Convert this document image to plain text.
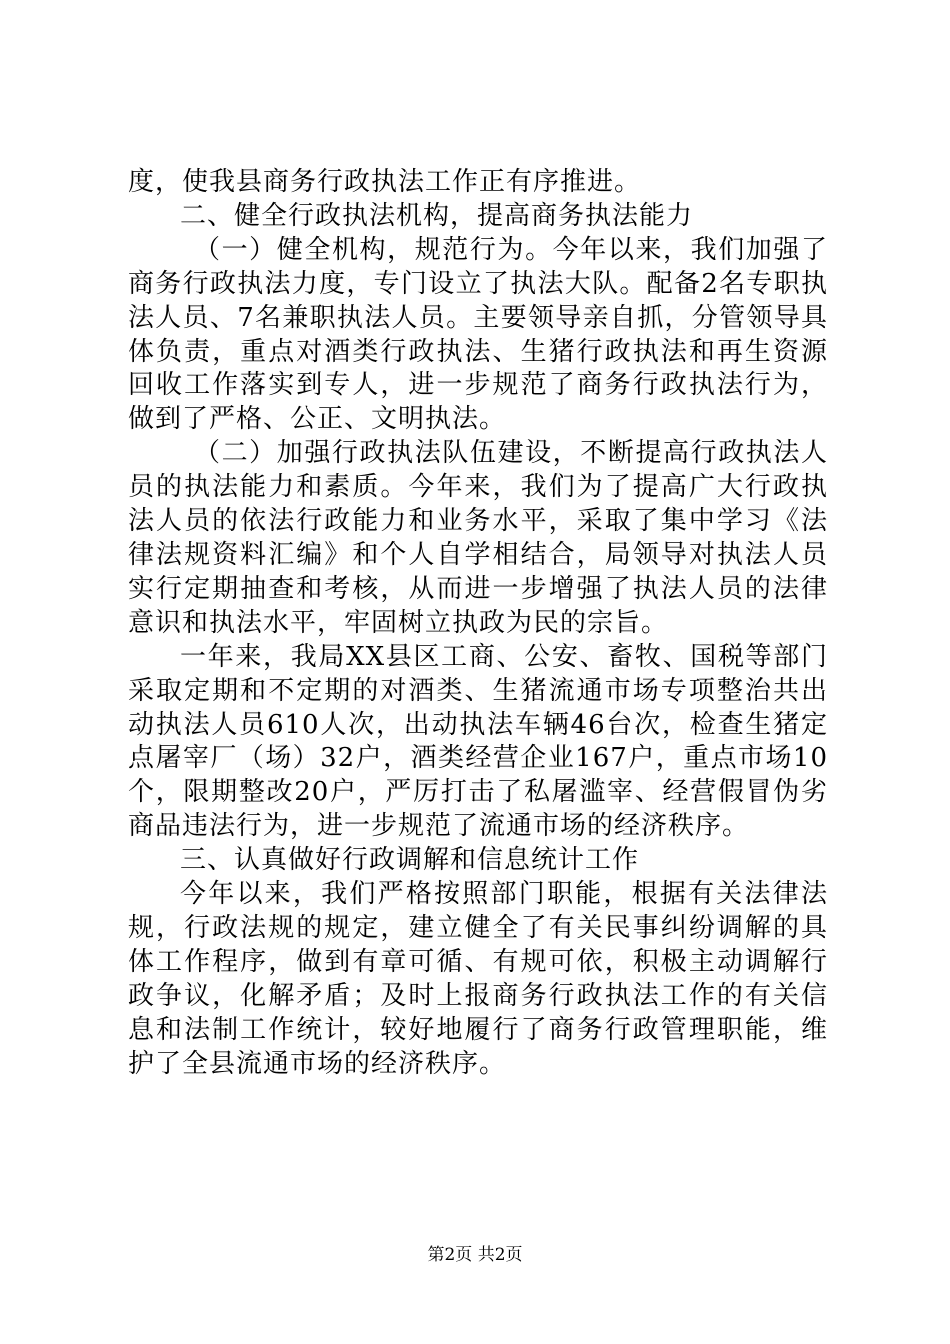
度，使我县商务行政执法工作正有序推进。

二、健全行政执法机构，提高商务执法能力

（一）健全机构，规范行为。今年以来，我们加强了商务行政执法力度，专门设立了执法大队。配备2名专职执法人员、7名兼职执法人员。主要领导亲自抓，分管领导具体负责，重点对酒类行政执法、生猪行政执法和再生资源回收工作落实到专人，进一步规范了商务行政执法行为，做到了严格、公正、文明执法。

（二）加强行政执法队伍建设，不断提高行政执法人员的执法能力和素质。今年来，我们为了提高广大行政执法人员的依法行政能力和业务水平，采取了集中学习《法律法规资料汇编》和个人自学相结合，局领导对执法人员实行定期抽查和考核，从而进一步增强了执法人员的法律意识和执法水平，牢固树立执政为民的宗旨。

一年来，我局XX县区工商、公安、畜牧、国税等部门采取定期和不定期的对酒类、生猪流通市场专项整治共出动执法人员610人次，出动执法车辆46台次，检查生猪定点屠宰厂（场）32户，酒类经营企业167户，重点市场10个，限期整改20户，严厉打击了私屠滥宰、经营假冒伪劣商品违法行为，进一步规范了流通市场的经济秩序。

三、认真做好行政调解和信息统计工作

今年以来，我们严格按照部门职能，根据有关法律法规，行政法规的规定，建立健全了有关民事纠纷调解的具体工作程序，做到有章可循、有规可依，积极主动调解行政争议，化解矛盾；及时上报商务行政执法工作的有关信息和法制工作统计，较好地履行了商务行政管理职能，维护了全县流通市场的经济秩序。

第2页 共2页
